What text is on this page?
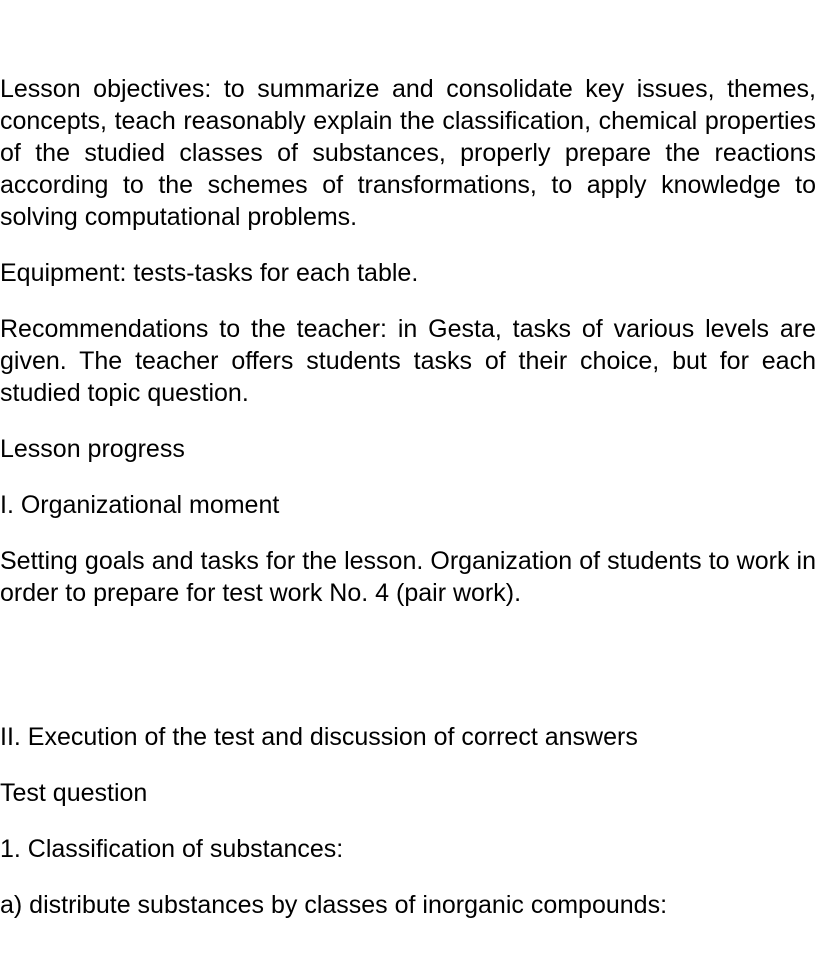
Lesson objectives: to summarize and consolidate key issues, themes, concepts, teach reasonably explain the classification, chemical properties of the studied classes of substances, properly prepare the reactions according to the schemes of transformations, to apply knowledge to solving computational problems.

Equipment: tests-tasks for each table.

Recommendations to the teacher: in Gesta, tasks of various levels are given. The teacher offers students tasks of their choice, but for each studied topic question.

Lesson progress

I. Organizational moment

Setting goals and tasks for the lesson. Organization of students to work in order to prepare for test work No. 4 (pair work).

II. Execution of the test and discussion of correct answers

Test question

1. Classification of substances:

a) distribute substances by classes of inorganic compounds:
